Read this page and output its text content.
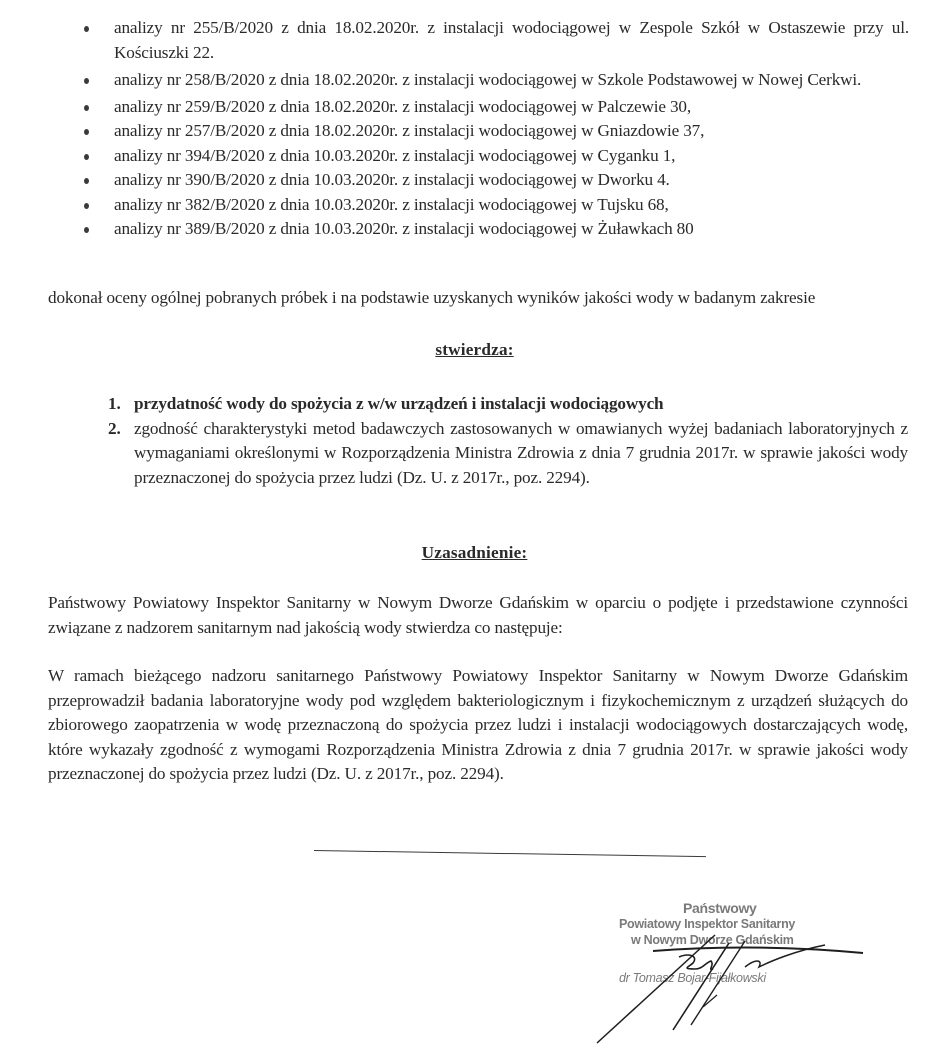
analizy nr 255/B/2020 z dnia 18.02.2020r. z instalacji wodociągowej w Zespole Szkół w Ostaszewie przy ul. Kościuszki 22.
analizy nr 258/B/2020 z dnia 18.02.2020r. z instalacji wodociągowej w Szkole Podstawowej w Nowej Cerkwi.
analizy nr 259/B/2020 z dnia 18.02.2020r. z instalacji wodociągowej w Palczewie 30,
analizy nr 257/B/2020 z dnia 18.02.2020r. z instalacji wodociągowej w Gniazdowie 37,
analizy nr 394/B/2020 z dnia 10.03.2020r. z instalacji wodociągowej w Cyganku 1,
analizy nr 390/B/2020 z dnia 10.03.2020r. z instalacji wodociągowej w Dworku 4.
analizy nr 382/B/2020 z dnia 10.03.2020r. z instalacji wodociągowej w Tujsku 68,
analizy nr 389/B/2020 z dnia 10.03.2020r. z instalacji wodociągowej w Żuławkach 80
dokonał oceny ogólnej pobranych próbek i na podstawie uzyskanych wyników jakości wody w badanym zakresie
stwierdza:
1. przydatność wody do spożycia z w/w urządzeń i instalacji wodociągowych
2. zgodność charakterystyki metod badawczych zastosowanych w omawianych wyżej badaniach laboratoryjnych z wymaganiami określonymi w Rozporządzenia Ministra Zdrowia z dnia 7 grudnia 2017r. w sprawie jakości wody przeznaczonej do spożycia przez ludzi (Dz. U. z 2017r., poz. 2294).
Uzasadnienie:
Państwowy Powiatowy Inspektor Sanitarny w Nowym Dworze Gdańskim w oparciu o podjęte i przedstawione czynności związane z nadzorem sanitarnym nad jakością wody stwierdza co następuje:
W ramach bieżącego nadzoru sanitarnego Państwowy Powiatowy Inspektor Sanitarny w Nowym Dworze Gdańskim przeprowadził badania laboratoryjne wody pod względem bakteriologicznym i fizykochemicznym z urządzeń służących do zbiorowego zaopatrzenia w wodę przeznaczoną do spożycia przez ludzi i instalacji wodociągowych dostarczających wodę, które wykazały zgodność z wymogami Rozporządzenia Ministra Zdrowia z dnia 7 grudnia 2017r. w sprawie jakości wody przeznaczonej do spożycia przez ludzi (Dz. U. z 2017r., poz. 2294).
Państwowy
Powiatowy Inspektor Sanitarny
w Nowym Dworze Gdańskim
dr Tomasz Bojar-Fijałkowski
